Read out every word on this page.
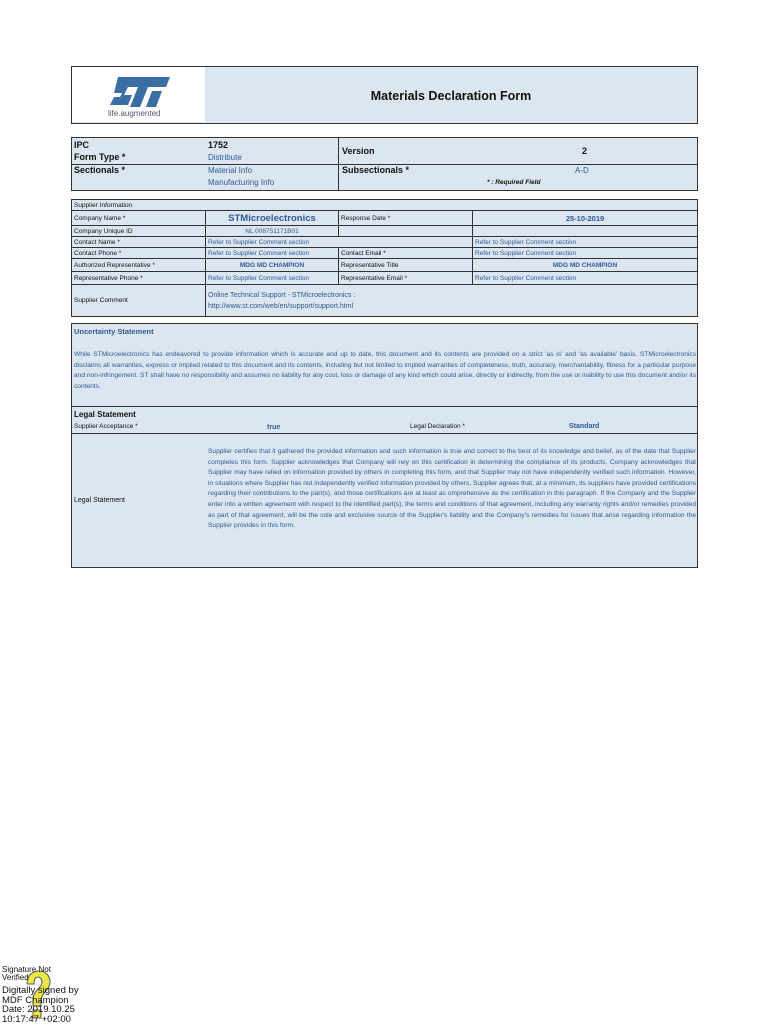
life.augmented
Materials Declaration Form
IPC	1752
Form Type *	Distribute
Sectionals *	Material Info
Manufacturing Info
Version	2
Subsectionals *	A-D
* : Required Field
Supplier Information			
Company Name *	STMicroelectronics	Response Date *	25-10-2019
Company Unique ID	NL 008751171B01		
Contact Name *	Refer to Supplier Comment section		Refer to Supplier Comment section
Contact Phone *	Refer to Supplier Comment section	Contact Email *	Refer to Supplier Comment section
Authorized Representative *	MDG MD CHAMPION	Representative Title	MDG MD CHAMPION
Representative Phone *	Refer to Supplier Comment section	Representative Email *	Refer to Supplier Comment section
Supplier Comment	Online Technical Support - STMicroelectronics :
http://www.st.com/web/en/support/support.html		
Uncertainty Statement
While STMicroelectronics has endeavored to provide information which is accurate and up to date, this document and its contents are provided on a strict 'as is' and 'as available' basis. STMicroelectronics disclaims all warranties, express or implied related to this document and its contents, including but not limited to implied warranties of completeness, truth, accuracy, merchantability, fitness for a particular purpose and non-infringement. ST shall have no responsibility and assumes no liability for any cost, loss or damage of any kind which could arise, directly or indirectly, from the use or inability to use this document and/or its contents.
Legal Statement
Supplier Acceptance *	true	Legal Declaration *	Standard
Legal Statement
Supplier certifies that it gathered the provided information and such information is true and correct to the best of its knowledge and belief, as of the date that Supplier completes this form. Supplier acknowledges that Company will rely on this certification in determining the compliance of its products. Company acknowledges that Supplier may have relied on information provided by others in completing this form, and that Supplier may not have independently verified such information. However, in situations where Supplier has not independently verified information provided by others, Supplier agrees that, at a minimum, its suppliers have provided certifications regarding their contributions to the part(s), and those certifications are at least as omprehensive as the certification in this paragraph. If the Company and the Supplier enter into a written agreement with respect to the identified part(s), the terms and conditions of that agreement, including any warranty rights and/or remedies provided as part of that agreement, will be the sole and exclusive source of the Supplier's liability and the Company's remedies for issues that arise regarding information the Supplier provides in this form.
Signature Not Verified
Digitally signed by
MDF Champion
Date: 2019.10.25
10:17:47 +02:00
